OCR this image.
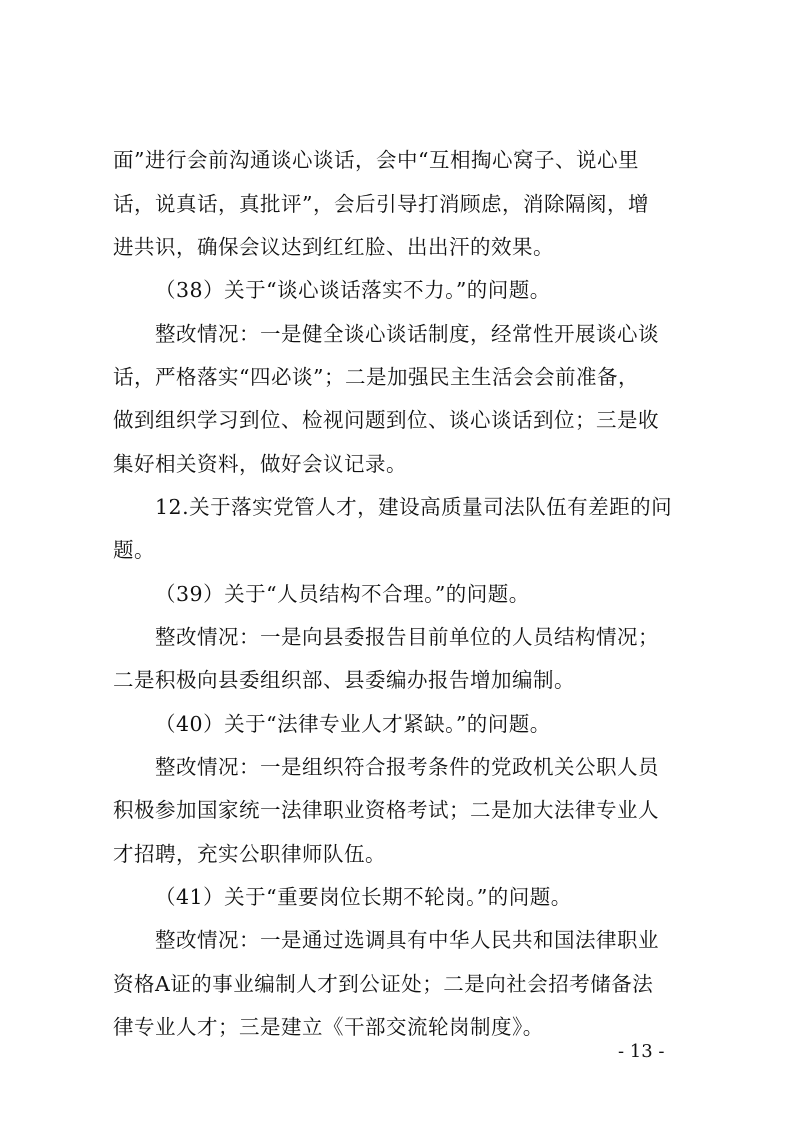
面”进行会前沟通谈心谈话，会中“互相掏心窝子、说心里
话，说真话，真批评”，会后引导打消顾虑，消除隔阂，增
进共识，确保会议达到红红脸、出出汗的效果。
（38）关于“谈心谈话落实不力。”的问题。
整改情况：一是健全谈心谈话制度，经常性开展谈心谈
话，严格落实“四必谈”；二是加强民主生活会会前准备，
做到组织学习到位、检视问题到位、谈心谈话到位；三是收
集好相关资料，做好会议记录。
12.关于落实党管人才，建设高质量司法队伍有差距的问
题。
（39）关于“人员结构不合理。”的问题。
整改情况：一是向县委报告目前单位的人员结构情况；
二是积极向县委组织部、县委编办报告增加编制。
（40）关于“法律专业人才紧缺。”的问题。
整改情况：一是组织符合报考条件的党政机关公职人员
积极参加国家统一法律职业资格考试；二是加大法律专业人
才招聘，充实公职律师队伍。
（41）关于“重要岗位长期不轮岗。”的问题。
整改情况：一是通过选调具有中华人民共和国法律职业
资格A证的事业编制人才到公证处；二是向社会招考储备法
律专业人才；三是建立《干部交流轮岗制度》。
- 13 -
